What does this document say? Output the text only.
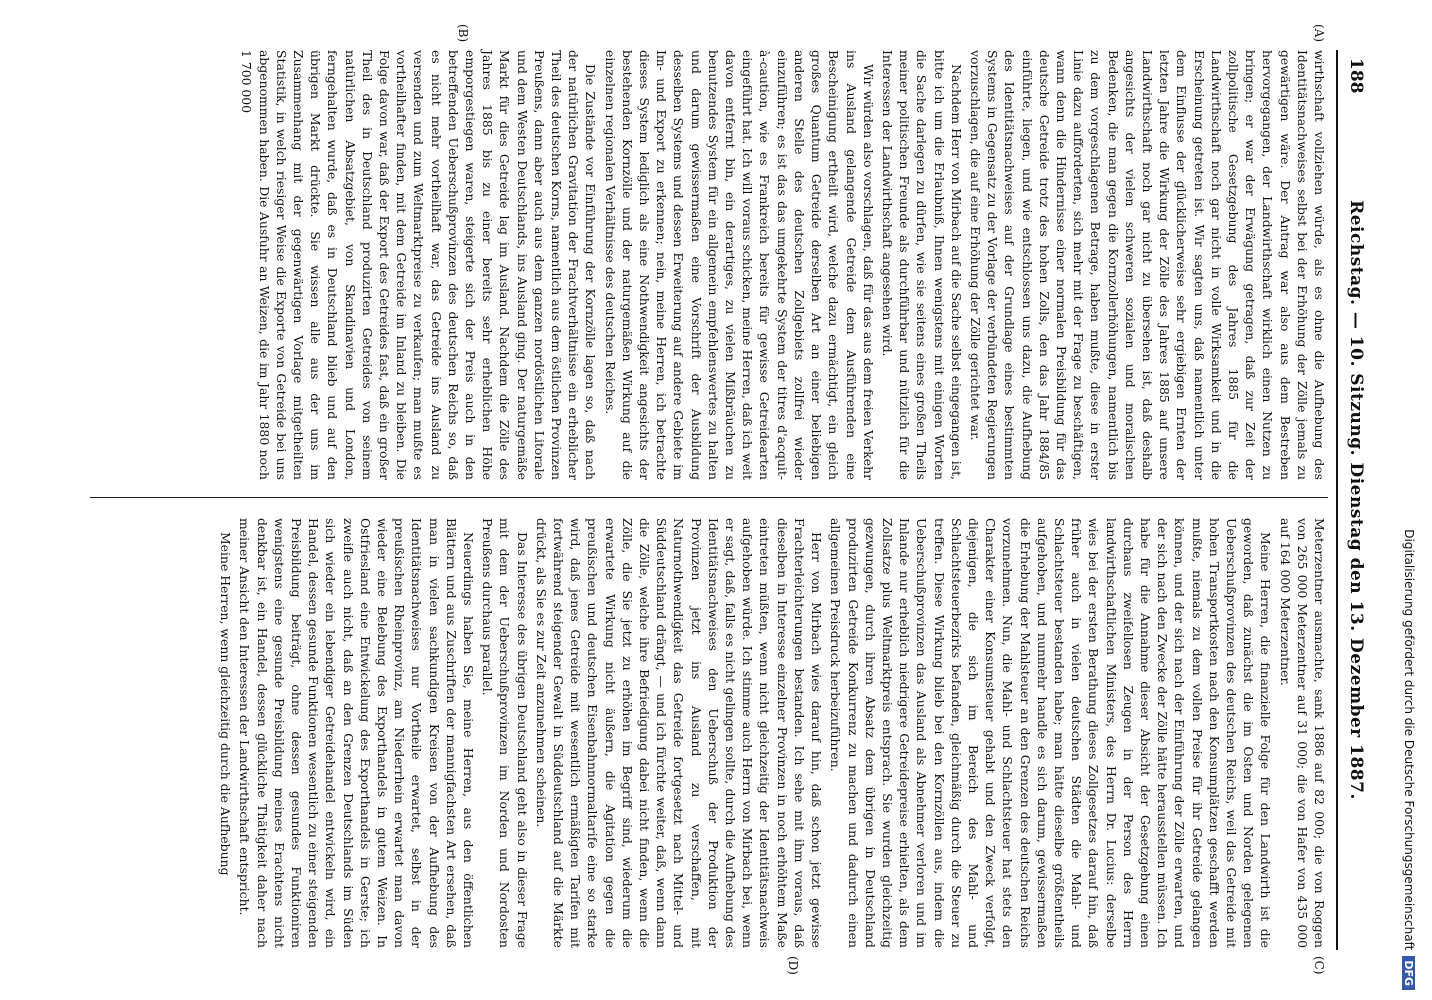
188
Reichstag. — 10. Sitzung. Dienstag den 13. Dezember 1887.
(A)
(B)
(C)
(D)

wirthschaft vollziehen würde, als es ohne die Aufhebung des Identitätsnachweises selbst bei der Erhöhung der Zölle jemals zu gewärtigen wäre. Der Antrag war also aus dem Bestreben hervorgegangen, der Landwirthschaft wirklich einen Nutzen zu bringen; er war der Erwägung getragen, daß zur Zeit der zollpolitische Gesetzgebung des Jahres 1885 für die Landwirthschaft noch gar nicht in volle Wirksamkeit und in die Erscheinung getreten ist. Wir sagten uns, daß namentlich unter dem Einflusse der glücklicherweise sehr ergiebigen Ernten der letzten Jahre die Wirkung der Zölle des Jahres 1885 auf unsere Landwirthschaft noch gar nicht zu übersehen ist, daß deshalb angesichts der vielen schweren sozialen und moralischen Bedenken, die man gegen die Kornzollerhöhungen, namentlich bis zu dem vorgeschlagenen Betrage, haben mußte, diese in erster Linie dazu aufforderten, sich mehr mit der Frage zu beschäftigen, wann denn die Hindernisse einer normalen Preisbildung für das deutsche Getreide trotz des hohen Zolls, den das Jahr 1884/85 einführte, liegen, und wie entschlossen uns dazu, die Aufhebung des Identitätsnachweises auf der Grundlage eines bestimmten Systems in Gegensatz zu der Vorlage der verbündeten Regierungen vorzuschlagen, die auf eine Erhöhung der Zölle gerichtet war.

Nachdem Herr von Mirbach auf die Sache selbst eingegangen ist, bitte ich um die Erlaubniß, Ihnen wenigstens mit einigen Worten die Sache darlegen zu dürfen, wie sie seitens eines großen Theils meiner politischen Freunde als durchführbar und nützlich für die Interessen der Landwirthschaft angesehen wird.

Wir würden also vorschlagen, daß für das aus dem freien Verkehr ins Ausland gelangende Getreide dem Ausführenden eine Bescheinigung ertheilt wird, welche dazu ermächtigt, ein gleich großes Quantum Getreide derselben Art an einer beliebigen anderen Stelle des deutschen Zollgebiets zollfrei wieder einzuführen; es ist das das umgekehrte System der titres d'acquit-à-caution, wie es Frankreich bereits für gewisse Getreidearten eingeführt hat. Ich will voraus schicken, meine Herren, daß ich weit davon entfernt bin, ein derartiges, zu vielen Mißbräuchen zu benutzendes System für ein allgemein empfehlenswertes zu halten und darum gewissermaßen eine Vorschrift der Ausbildung desselben Systems und dessen Erweiterung auf andere Gebiete im Im- und Export zu erkennen; nein, meine Herren, ich betrachte dieses System lediglich als eine Nothwendigkeit angesichts der bestehenden Kornzölle und der naturgemäßen Wirkung auf die einzelnen regionalen Verhältnisse des deutschen Reiches.

Die Zustände vor Einführung der Kornzölle lagen so, daß nach der natürlichen Gravitation der Frachtverhältnisse ein erheblicher Theil des deutschen Korns, namentlich aus dem östlichen Provinzen Preußens, dann aber auch aus dem ganzen nordöstlichen Litorale und dem Westen Deutschlands, ins Ausland ging. Der naturgemäße Markt für dies Getreide lag im Ausland. Nachdem die Zölle des Jahres 1885 bis zu einer bereits sehr erheblichen Höhe emporgestiegen waren, steigerte sich der Preis auch in den betreffenden Ueberschußprovinzen des deutschen Reichs so, daß es nicht mehr vortheilhaft war, das Getreide ins Ausland zu versenden und zum Weltmarktpreise zu verkaufen; man mußte es vortheilhafter finden, mit dem Getreide im Inland zu bleiben. Die Folge davon war, daß der Export des Getreides fast, daß ein großer Theil des in Deutschland produzirten Getreides von seinem natürlichen Absatzgebiet, von Skandinavien und London, ferngehalten wurde, daß es in Deutschland blieb und auf den übrigen Markt drückte. Sie wissen alle aus der uns im Zusammenhang mit der gegenwärtigen Vorlage mitgetheilten Statistik, in welch riesiger Weise die Exporte von Getreide bei uns abgenommen haben. Die Ausfuhr an Weizen, die im Jahr 1880 noch 1 700 000

Meterzentner ausmachte, sank 1886 auf 82 000; die von Roggen von 265 000 Meterzentner auf 31 000; die von Hafer von 435 000 auf 164 000 Meterzentner.

Meine Herren, die finanzielle Folge für den Landwirth ist die geworden, daß zunächst die im Osten und Norden gelegenen Ueberschußprovinzen des deutschen Reichs, weil das Getreide mit hohen Transportkosten nach den Konsumplätzen geschafft werden mußte, niemals zu dem vollen Preise für ihr Getreide gelangen können, und der sich nach der Einführung der Zölle erwarten, und der sich nach den Zwecke der Zölle hätte herausstellen müssen. Ich habe für die Annahme dieser Absicht der Gesetzgebung einen durchaus zweifellosen Zeugen in der Person des Herrn landwirthschaftlichen Ministers, des Herrn Dr. Lucius: derselbe wies bei der ersten Berathung dieses Zollgesetzes darauf hin, daß früher auch in vielen deutschen Städten die Mahl- und Schlachtsteuer bestanden habe; man hätte dieselbe größtentheils aufgehoben, und nunmehr handle es sich darum, gewissermaßen die Erhebung der Mahlsteuer an den Grenzen des deutschen Reichs vorzunehmen. Nun, die Mahl- und Schlachtsteuer hat stets den Charakter einer Konsumsteuer gehabt und den Zweck verfolgt, diejenigen, die sich im Bereich des Mahl- und Schlachtsteuerbezirks befanden, gleichmäßig durch die Steuer zu treffen. Diese Wirkung blieb bei den Kornzöllen aus, indem die Ueberschußprovinzen das Ausland als Abnehmer verloren und im Inlande nur erheblich niedrigere Getreidepreise erhielten, als dem Zollsatze plus Weltmarktpreis entsprach. Sie wurden gleichzeitig gezwungen, durch ihren Absatz dem übrigen in Deutschland produzirten Getreide Konkurrenz zu machen und dadurch einen allgemeinen Preisdruck herbeizuführen.

Herr von Mirbach wies darauf hin, daß schon jetzt gewisse Frachterleichterungen bestanden. Ich sehe mit ihm voraus, daß dieselben in Interesse einzelner Provinzen in noch erhöhtem Maße eintreten müßten, wenn nicht gleichzeitig der Identitätsnachweis aufgehoben würde. Ich stimme auch Herrn von Mirbach bei, wenn er sagt, daß, falls es nicht gelingen sollte, durch die Aufhebung des Identitätsnachweises den Ueberschuß der Produktion der Provinzen jetzt ins Ausland zu verschaffen, mit Naturnothwendigkeit das Getreide fortgesetzt nach Mittel- und Süddeutschland drängt, — und ich fürchte weiter, daß, wenn dann die Zölle, welche ihre Befriedigung dabei nicht finden, wenn die Zölle, die Sie jetzt zu erhöhen im Begriff sind, wiederum die erwartete Wirkung nicht äußern, die Agitation gegen die preußischen und deutschen Eisenbahnnormaltarife eine so starke wird, daß jenes Getreide mit wesentlich ermäßigten Tarifen mit fortwährend steigender Gewalt in Süddeutschland auf die Märkte drückt, als Sie es zur Zeit anzunehmen scheinen.

Das Interesse des übrigen Deutschland geht also in dieser Frage mit dem der Ueberschußprovinzen im Norden und Nordosten Preußens durchaus parallel.

Neuerdings haben Sie, meine Herren, aus den öffentlichen Blättern und aus Zuschriften der mannigfachsten Art ersehen, daß man in vielen sachkundigen Kreisen von der Aufhebung des Identitätsnachweises nur Vortheile erwartet, selbst in der preußischen Rheinprovinz, am Niederrhein erwartet man davon wieder eine Belebung des Exporthandels in gutem Weizen. In Ostfriesland eine Entwickelung des Exporthandels in Gerste; ich zweifle auch nicht, daß an den Grenzen Deutschlands im Süden sich wieder ein lebendiger Getreidehandel entwickeln wird, ein Handel, dessen gesunde Funktionen wesentlich zu einer steigenden Preisbildung beiträgt, ohne dessen gesundes Funktioniren wenigstens eine gesunde Preisbildung meines Erachtens nicht denkbar ist, ein Handel, dessen glückliche Thätigkeit daher nach meiner Ansicht den Interessen der Landwirthschaft entspricht.

Meine Herren, wenn gleichzeitig durch die Aufhebung	Digitalisierung gefördert durch die Deutsche Forschungsgemeinschaft
DFG
